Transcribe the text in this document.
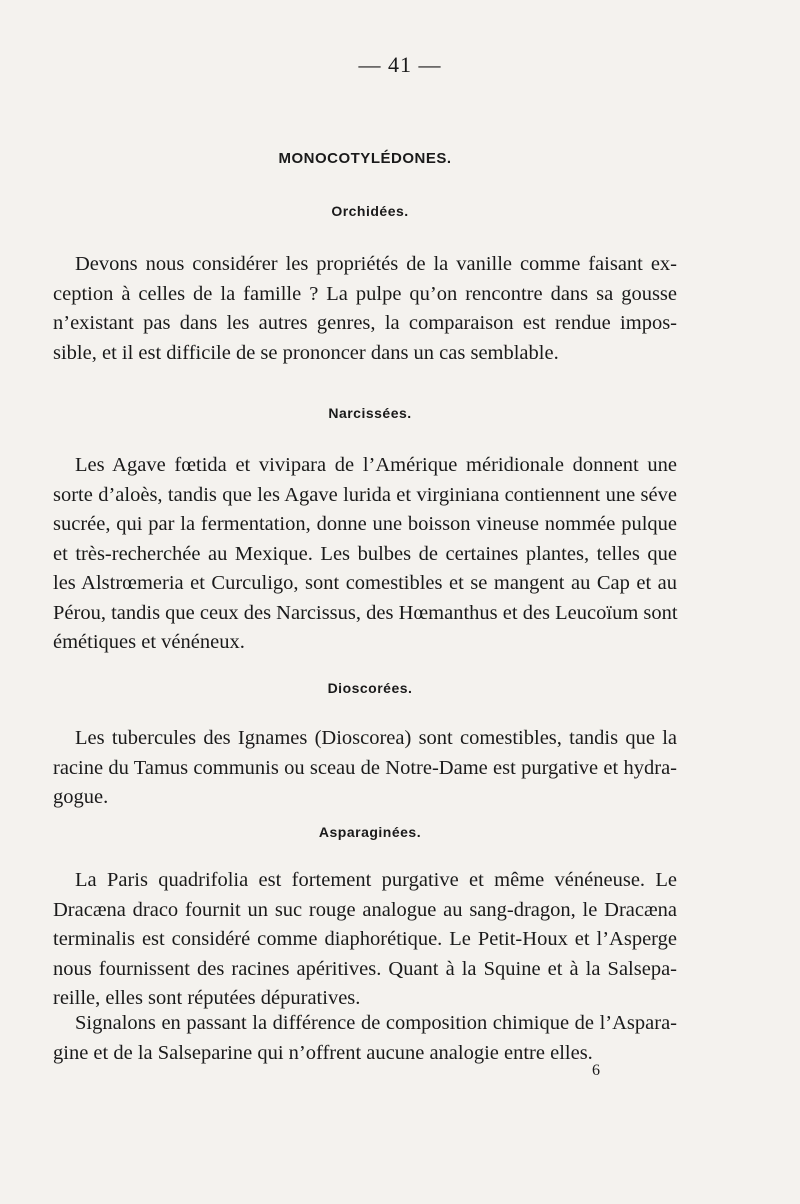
— 41 —
MONOCOTYLÉDONES.
Orchidées.
Devons nous considérer les propriétés de la vanille comme faisant ex-
ception à celles de la famille ? La pulpe qu’on rencontre dans sa gousse
n’existant pas dans les autres genres, la comparaison est rendue impos-
sible, et il est difficile de se prononcer dans un cas semblable.
Narcissées.
Les Agave fœtida et vivipara de l’Amérique méridionale donnent une
sorte d’aloès, tandis que les Agave lurida et virginiana contiennent une séve
sucrée, qui par la fermentation, donne une boisson vineuse nommée pulque
et très-recherchée au Mexique. Les bulbes de certaines plantes, telles que
les Alstrœmeria et Curculigo, sont comestibles et se mangent au Cap et au
Pérou, tandis que ceux des Narcissus, des Hœmanthus et des Leucoïum sont
émétiques et vénéneux.
Dioscorées.
Les tubercules des Ignames (Dioscorea) sont comestibles, tandis que la
racine du Tamus communis ou sceau de Notre-Dame est purgative et hydra-
gogue.
Asparaginées.
La Paris quadrifolia est fortement purgative et même vénéneuse. Le
Dracæna draco fournit un suc rouge analogue au sang-dragon, le Dracæna
terminalis est considéré comme diaphorétique. Le Petit-Houx et l’Asperge
nous fournissent des racines apéritives. Quant à la Squine et à la Salsepa-
reille, elles sont réputées dépuratives.
Signalons en passant la différence de composition chimique de l’Aspara-
gine et de la Salseparine qui n’offrent aucune analogie entre elles.
6
